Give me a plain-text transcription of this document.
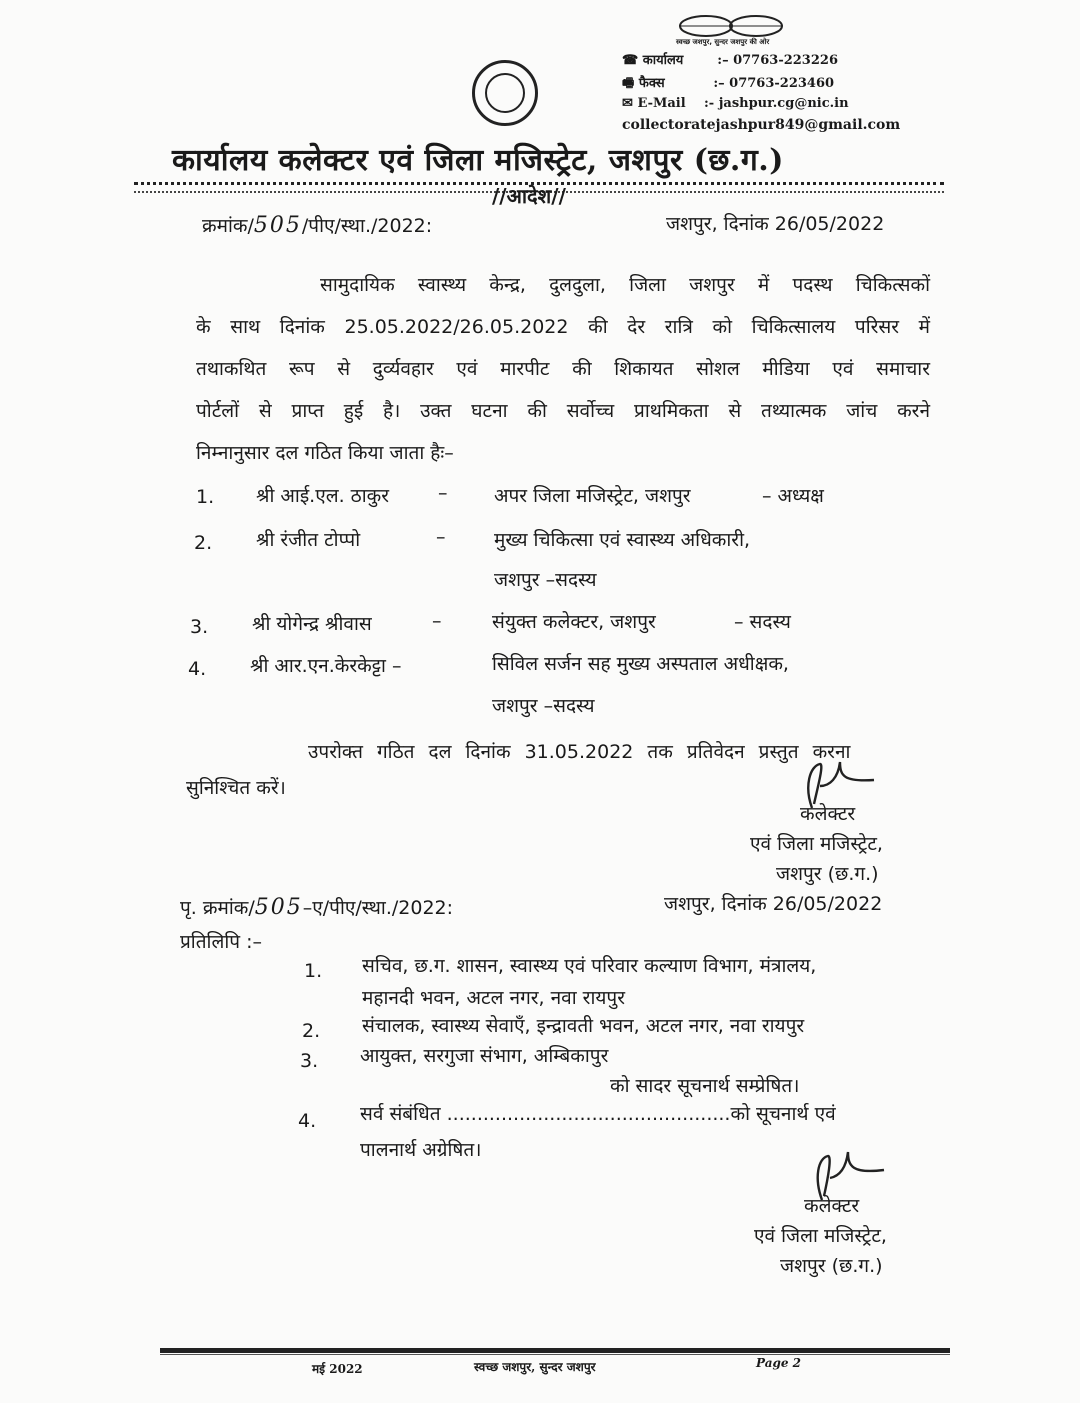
स्वच्छ जशपुर, सुन्दर जशपुर की ओर
☎ कार्यालय	:– 07763-223226
🖷 फैक्स	:– 07763-223460
✉ E-Mail :- jashpur.cg@nic.in
collectoratejashpur849@gmail.com
कार्यालय कलेक्टर एवं जिला मजिस्ट्रेट, जशपुर (छ.ग.)
//आदेश//
क्रमांक/505/पीए/स्था./2022:	जशपुर, दिनांक 26/05/2022
सामुदायिक स्वास्थ्य केन्द्र, दुलदुला, जिला जशपुर में पदस्थ चिकित्सकों
के साथ दिनांक 25.05.2022/26.05.2022 की देर रात्रि को चिकित्सालय परिसर में
तथाकथित रूप से दुर्व्यवहार एवं मारपीट की शिकायत सोशल मीडिया एवं समाचार
पोर्टलों से प्राप्त हुई है। उक्त घटना की सर्वोच्च प्राथमिकता से तथ्यात्मक जांच करने
निम्नानुसार दल गठित किया जाता हैः–
1. श्री आई.एल. ठाकुर	– अपर जिला मजिस्ट्रेट, जशपुर	– अध्यक्ष
2. श्री रंजीत टोप्पो	–	मुख्य चिकित्सा एवं स्वास्थ्य अधिकारी,
जशपुर –सदस्य
3. श्री योगेन्द्र श्रीवास	–	संयुक्त कलेक्टर, जशपुर	– सदस्य
4. श्री आर.एन.केरकेट्टा –	सिविल सर्जन सह मुख्य अस्पताल अधीक्षक,
जशपुर –सदस्य
उपरोक्त गठित दल दिनांक 31.05.2022 तक प्रतिवेदन प्रस्तुत करना
सुनिश्चित करें।
कलेक्टर
एवं जिला मजिस्ट्रेट,
जशपुर (छ.ग.)
पृ. क्रमांक/505–ए/पीए/स्था./2022:	जशपुर, दिनांक 26/05/2022
प्रतिलिपि :–
1. सचिव, छ.ग. शासन, स्वास्थ्य एवं परिवार कल्याण विभाग, मंत्रालय,
महानदी भवन, अटल नगर, नवा रायपुर
2. संचालक, स्वास्थ्य सेवाएँ, इन्द्रावती भवन, अटल नगर, नवा रायपुर
3. आयुक्त, सरगुजा संभाग, अम्बिकापुर
को सादर सूचनार्थ सम्प्रेषित।
4. सर्व संबंधित ...............................................को सूचनार्थ एवं
पालनार्थ अग्रेषित।
कलेक्टर
एवं जिला मजिस्ट्रेट,
जशपुर (छ.ग.)
मई 2022	स्वच्छ जशपुर, सुन्दर जशपुर	Page 2
